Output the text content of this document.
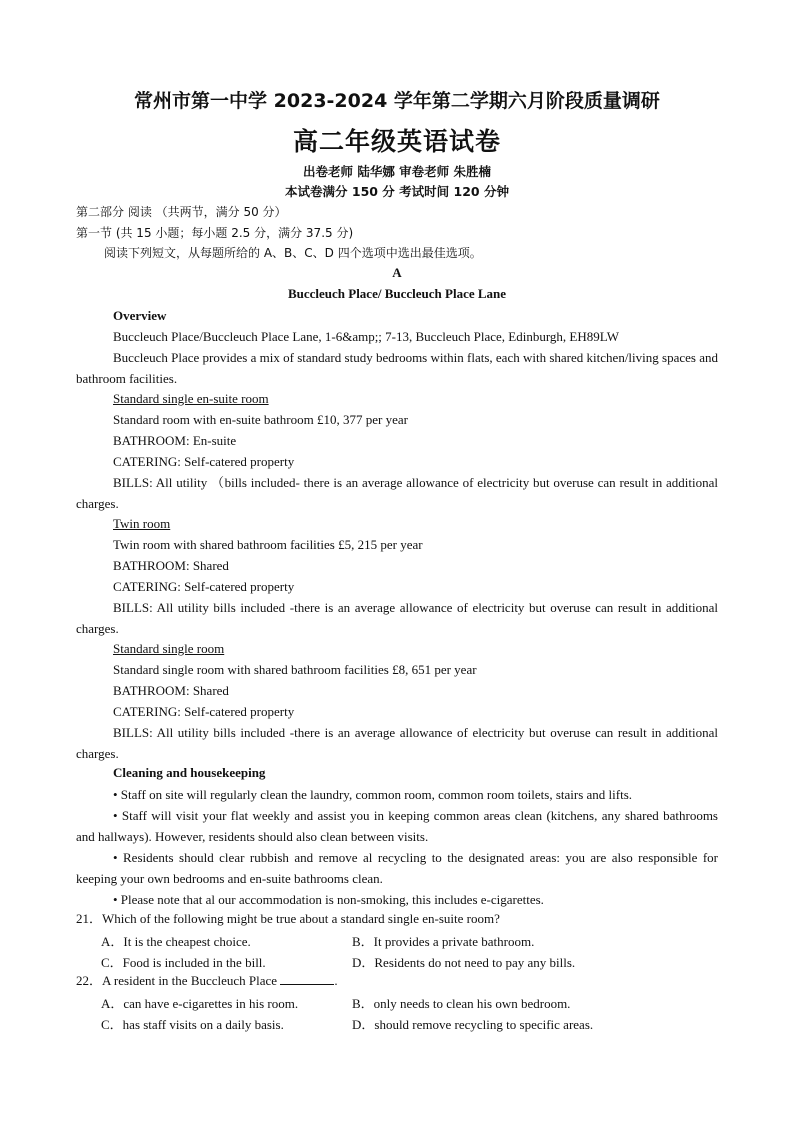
常州市第一中学 2023-2024 学年第二学期六月阶段质量调研
高二年级英语试卷
出卷老师 陆华娜 审卷老师 朱胜楠
本试卷满分 150 分 考试时间 120 分钟
第二部分 阅读 （共两节，满分 50 分）
第一节 (共 15 小题；每小题 2.5 分，满分 37.5 分)
阅读下列短文，从每题所给的 A、B、C、D 四个选项中选出最佳选项。
A
Buccleuch Place/ Buccleuch Place Lane
Overview
Buccleuch Place/Buccleuch Place Lane, 1-6&amp;; 7-13, Buccleuch Place, Edinburgh, EH89LW
Buccleuch Place provides a mix of standard study bedrooms within flats, each with shared kitchen/living spaces and bathroom facilities.
Standard single en-suite room
Standard room with en-suite bathroom £10, 377 per year
BATHROOM: En-suite
CATERING: Self-catered property
BILLS: All utility （bills included- there is an average allowance of electricity but overuse can result in additional charges.
Twin room
Twin room with shared bathroom facilities £5, 215 per year
BATHROOM: Shared
CATERING: Self-catered property
BILLS: All utility bills included -there is an average allowance of electricity but overuse can result in additional charges.
Standard single room
Standard single room with shared bathroom facilities £8, 651 per year
BATHROOM: Shared
CATERING: Self-catered property
BILLS: All utility bills included -there is an average allowance of electricity but overuse can result in additional charges.
Cleaning and housekeeping
• Staff on site will regularly clean the laundry, common room, common room toilets, stairs and lifts.
• Staff will visit your flat weekly and assist you in keeping common areas clean (kitchens, any shared bathrooms and hallways). However, residents should also clean between visits.
• Residents should clear rubbish and remove al recycling to the designated areas: you are also responsible for keeping your own bedrooms and en-suite bathrooms clean.
• Please note that al our accommodation is non-smoking, this includes e-cigarettes.
21．Which of the following might be true about a standard single en-suite room?
A．It is the cheapest choice.	B．It provides a private bathroom.
C．Food is included in the bill.	D．Residents do not need to pay any bills.
22．A resident in the Buccleuch Place	.
A．can have e-cigarettes in his room.	B．only needs to clean his own bedroom.
C．has staff visits on a daily basis.	D．should remove recycling to specific areas.
